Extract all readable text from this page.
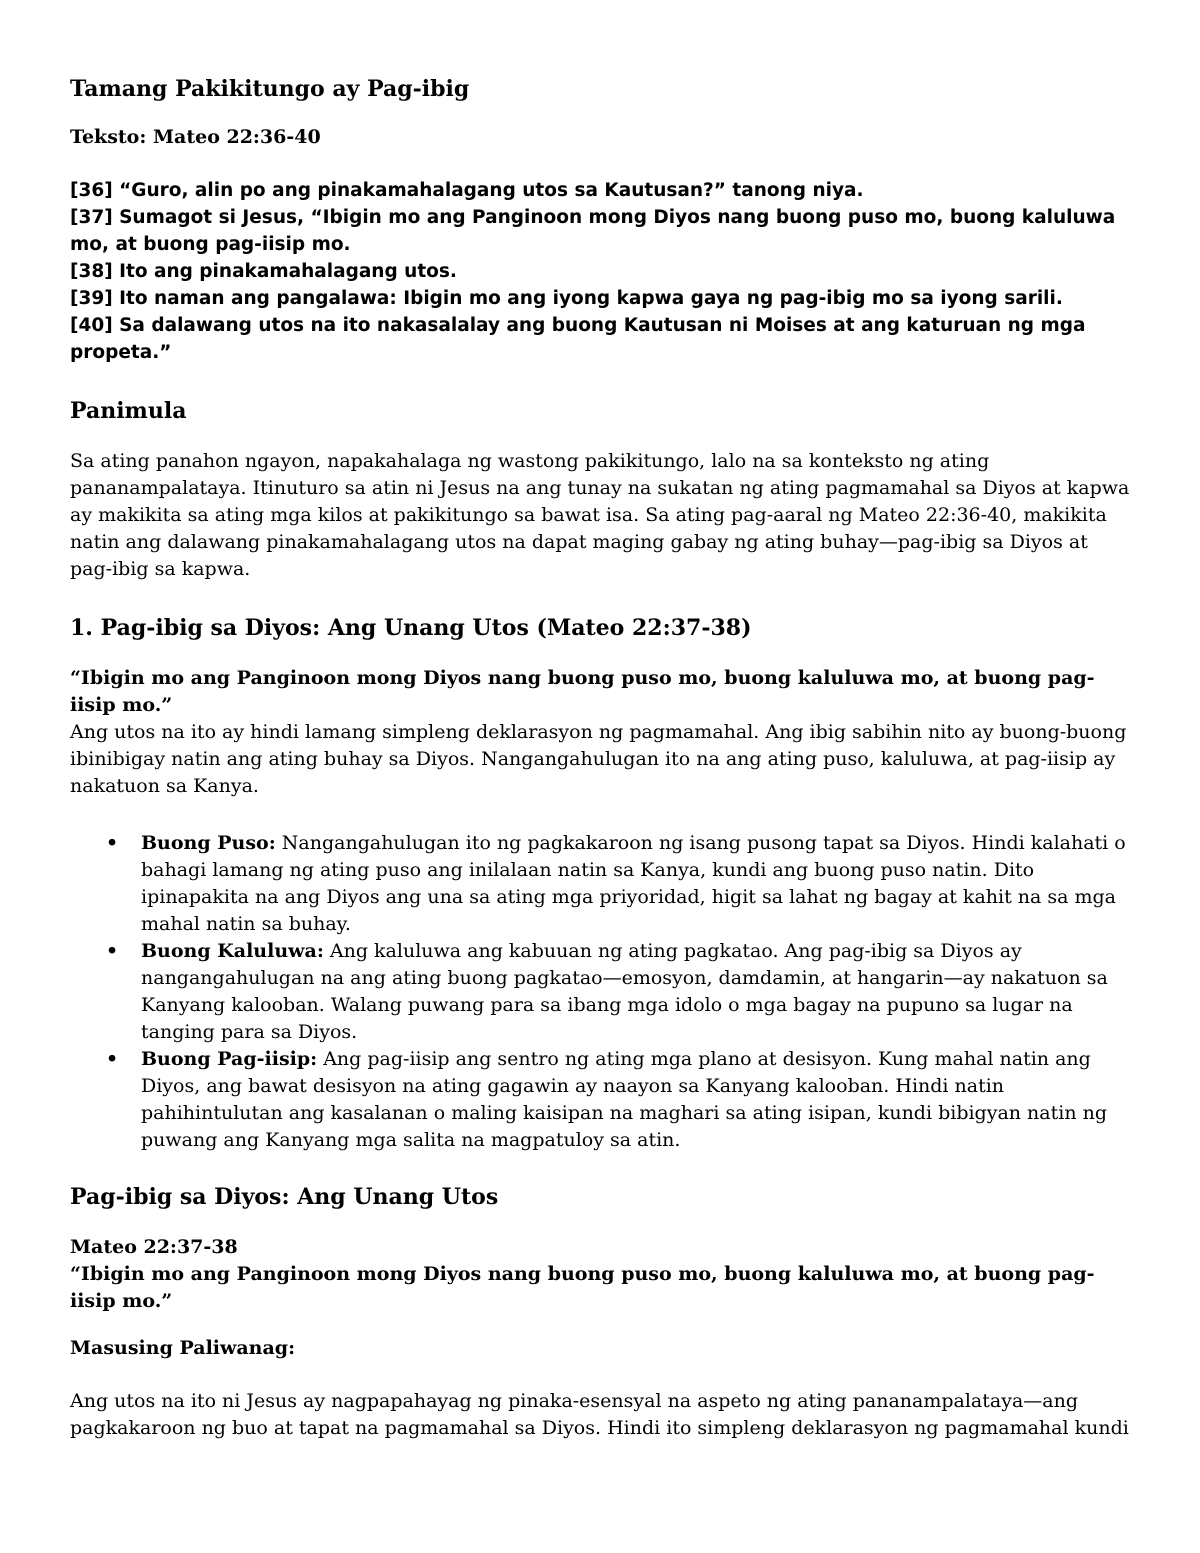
Tamang Pakikitungo ay Pag-ibig
Teksto: Mateo 22:36-40
[36] “Guro, alin po ang pinakamahalagang utos sa Kautusan?” tanong niya.
[37] Sumagot si Jesus, “Ibigin mo ang Panginoon mong Diyos nang buong puso mo, buong kaluluwa mo, at buong pag-iisip mo.
[38] Ito ang pinakamahalagang utos.
[39] Ito naman ang pangalawa: Ibigin mo ang iyong kapwa gaya ng pag-ibig mo sa iyong sarili.
[40] Sa dalawang utos na ito nakasalalay ang buong Kautusan ni Moises at ang katuruan ng mga propeta.”
Panimula

Sa ating panahon ngayon, napakahalaga ng wastong pakikitungo, lalo na sa konteksto ng ating pananampalataya. Itinuturo sa atin ni Jesus na ang tunay na sukatan ng ating pagmamahal sa Diyos at kapwa ay makikita sa ating mga kilos at pakikitungo sa bawat isa. Sa ating pag-aaral ng Mateo 22:36-40, makikita natin ang dalawang pinakamahalagang utos na dapat maging gabay ng ating buhay—pag-ibig sa Diyos at pag-ibig sa kapwa.

1. Pag-ibig sa Diyos: Ang Unang Utos (Mateo 22:37-38)
“Ibigin mo ang Panginoon mong Diyos nang buong puso mo, buong kaluluwa mo, at buong pag-iisip mo.”
Ang utos na ito ay hindi lamang simpleng deklarasyon ng pagmamahal. Ang ibig sabihin nito ay buong-buong ibinibigay natin ang ating buhay sa Diyos. Nangangahulugan ito na ang ating puso, kaluluwa, at pag-iisip ay nakatuon sa Kanya.
• Buong Puso: Nangangahulugan ito ng pagkakaroon ng isang pusong tapat sa Diyos. Hindi kalahati o bahagi lamang ng ating puso ang inilalaan natin sa Kanya, kundi ang buong puso natin. Dito ipinapakita na ang Diyos ang una sa ating mga priyoridad, higit sa lahat ng bagay at kahit na sa mga mahal natin sa buhay.
• Buong Kaluluwa: Ang kaluluwa ang kabuuan ng ating pagkatao. Ang pag-ibig sa Diyos ay nangangahulugan na ang ating buong pagkatao—emosyon, damdamin, at hangarin—ay nakatuon sa Kanyang kalooban. Walang puwang para sa ibang mga idolo o mga bagay na pupuno sa lugar na tanging para sa Diyos.
• Buong Pag-iisip: Ang pag-iisip ang sentro ng ating mga plano at desisyon. Kung mahal natin ang Diyos, ang bawat desisyon na ating gagawin ay naayon sa Kanyang kalooban. Hindi natin pahihintulutan ang kasalanan o maling kaisipan na maghari sa ating isipan, kundi bibigyan natin ng puwang ang Kanyang mga salita na magpatuloy sa atin.
Pag-ibig sa Diyos: Ang Unang Utos
Mateo 22:37-38
“Ibigin mo ang Panginoon mong Diyos nang buong puso mo, buong kaluluwa mo, at buong pag-iisip mo.”
Masusing Paliwanag:

Ang utos na ito ni Jesus ay nagpapahayag ng pinaka-esensyal na aspeto ng ating pananampalataya—ang pagkakaroon ng buo at tapat na pagmamahal sa Diyos. Hindi ito simpleng deklarasyon ng pagmamahal kundi
